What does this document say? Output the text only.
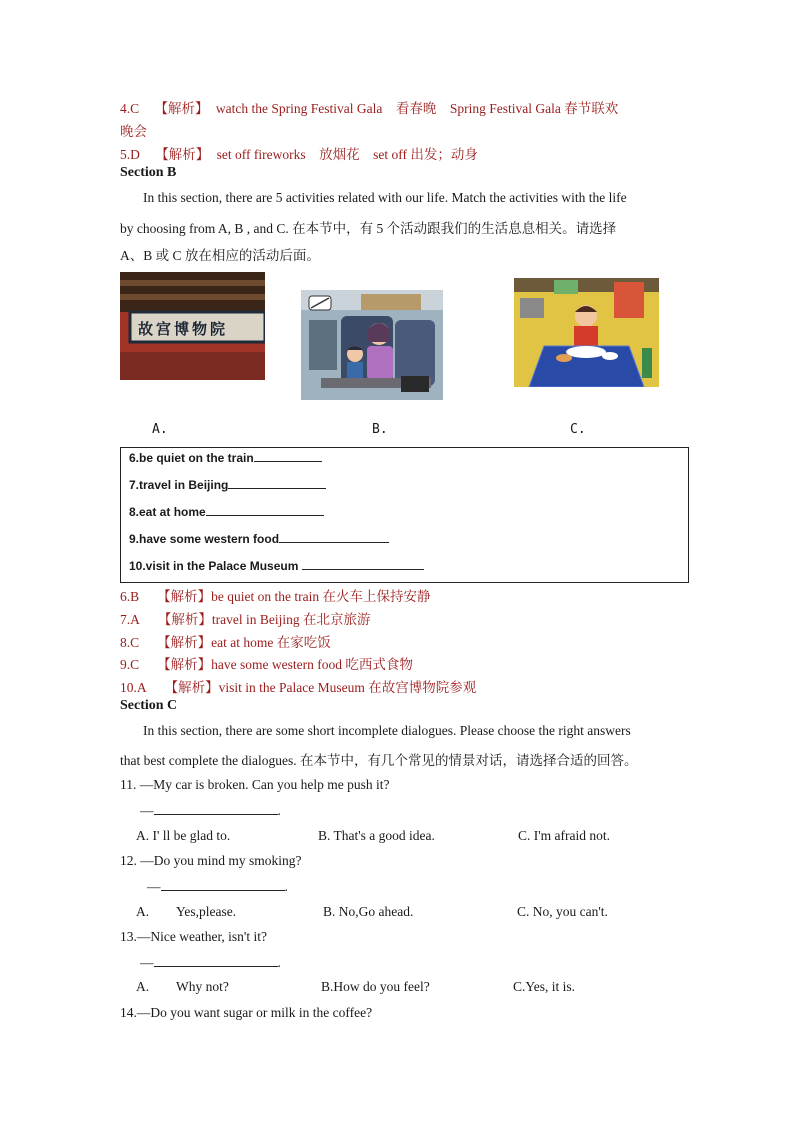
4.C 【解析】 watch the Spring Festival Gala　看春晚　Spring Festival Gala 春节联欢
晚会
5.D 【解析】 set off fireworks　放烟花　set off 出发；动身
Section B
In this section, there are 5 activities related with our life. Match the activities with the life
by choosing from A, B , and C. 在本节中，有 5 个活动跟我们的生活息息相关。请选择
A、B 或 C 放在相应的活动后面。
故宫博物院
A.	B.	C.
6.be quiet on the train
7.travel in Beijing
8.eat at home
9.have some western food
10.visit in the Palace Museum
6.B 【解析】be quiet on the train 在火车上保持安静
7.A 【解析】travel in Beijing 在北京旅游
8.C 【解析】eat at home 在家吃饭
9.C 【解析】have some western food 吃西式食物
10.A 【解析】visit in the Palace Museum 在故宫博物院参观
Section C
In this section, there are some short incomplete dialogues. Please choose the right answers
that best complete the dialogues. 在本节中，有几个常见的情景对话，请选择合适的回答。
11. —My car is broken. Can you help me push it?
—	.
A. I' ll be glad to.	B. That's a good idea.	C. I'm afraid not.
12. —Do you mind my smoking?
—	.
A. Yes,please.	B. No,Go ahead.	C. No, you can't.
13.—Nice weather, isn't it?
—	.
A. Why not?	B.How do you feel?	C.Yes, it is.
14.—Do you want sugar or milk in the coffee?
